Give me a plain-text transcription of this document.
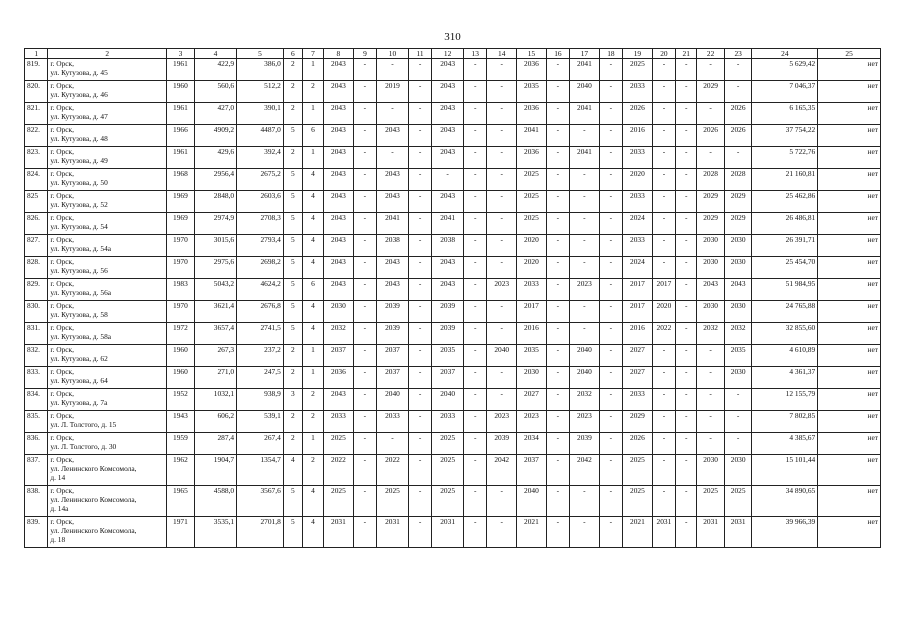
310
1	2	3	4	5	6	7	8	9	10	11	12	13	14	15	16	17	18	19	20	21	22	23	24	25
819.	г. Орск,
ул. Кутузова, д. 45	1961	422,9	386,0	2	1	2043	-	-	-	2043	-	-	2036	-	2041	-	2025	-	-	-	-	5 629,42	нет
820.	г. Орск,
ул. Кутузова, д. 46	1960	560,6	512,2	2	2	2043	-	2019	-	2043	-	-	2035	-	2040	-	2033	-	-	2029	-	7 046,37	нет
821.	г. Орск,
ул. Кутузова, д. 47	1961	427,0	390,1	2	1	2043	-	-	-	2043	-	-	2036	-	2041	-	2026	-	-	-	2026	6 165,35	нет
822.	г. Орск,
ул. Кутузова, д. 48	1966	4909,2	4487,0	5	6	2043	-	2043	-	2043	-	-	2041	-	-	-	2016	-	-	2026	2026	37 754,22	нет
823.	г. Орск,
ул. Кутузова, д. 49	1961	429,6	392,4	2	1	2043	-	-	-	2043	-	-	2036	-	2041	-	2033	-	-	-	-	5 722,76	нет
824.	г. Орск,
ул. Кутузова, д. 50	1968	2956,4	2675,2	5	4	2043	-	2043	-	-	-	-	2025	-	-	-	2020	-	-	2028	2028	21 160,81	нет
825	г. Орск,
ул. Кутузова, д. 52	1969	2848,0	2603,6	5	4	2043	-	2043	-	2043	-	-	2025	-	-	-	2033	-	-	2029	2029	25 462,86	нет
826.	г. Орск,
ул. Кутузова, д. 54	1969	2974,9	2708,3	5	4	2043	-	2041	-	2041	-	-	2025	-	-	-	2024	-	-	2029	2029	26 486,81	нет
827.	г. Орск,
ул. Кутузова, д. 54а	1970	3015,6	2793,4	5	4	2043	-	2038	-	2038	-	-	2020	-	-	-	2033	-	-	2030	2030	26 391,71	нет
828.	г. Орск,
ул. Кутузова, д. 56	1970	2975,6	2698,2	5	4	2043	-	2043	-	2043	-	-	2020	-	-	-	2024	-	-	2030	2030	25 454,70	нет
829.	г. Орск,
ул. Кутузова, д. 56а	1983	5043,2	4624,2	5	6	2043	-	2043	-	2043	-	2023	2033	-	2023	-	2017	2017	-	2043	2043	51 984,95	нет
830.	г. Орск,
ул. Кутузова, д. 58	1970	3621,4	2676,8	5	4	2030	-	2039	-	2039	-	-	2017	-	-	-	2017	2020	-	2030	2030	24 765,88	нет
831.	г. Орск,
ул. Кутузова, д. 58а	1972	3657,4	2741,5	5	4	2032	-	2039	-	2039	-	-	2016	-	-	-	2016	2022	-	2032	2032	32 855,60	нет
832.	г. Орск,
ул. Кутузова, д. 62	1960	267,3	237,2	2	1	2037	-	2037	-	2035	-	2040	2035	-	2040	-	2027	-	-	-	2035	4 610,89	нет
833.	г. Орск,
ул. Кутузова, д. 64	1960	271,0	247,5	2	1	2036	-	2037	-	2037	-	-	2030	-	2040	-	2027	-	-	-	2030	4 361,37	нет
834.	г. Орск,
ул. Кутузова, д. 7а	1952	1032,1	938,9	3	2	2043	-	2040	-	2040	-	-	2027	-	2032	-	2033	-	-	-	-	12 155,79	нет
835.	г. Орск,
ул. Л. Толстого, д. 15	1943	606,2	539,1	2	2	2033	-	2033	-	2033	-	2023	2023	-	2023	-	2029	-	-	-	-	7 802,85	нет
836.	г. Орск,
ул. Л. Толстого, д. 30	1959	287,4	267,4	2	1	2025	-	-	-	2025	-	2039	2034	-	2039	-	2026	-	-	-	-	4 385,67	нет
837.	г. Орск,
ул. Ленинского Комсомола,
д. 14	1962	1904,7	1354,7	4	2	2022	-	2022	-	2025	-	2042	2037	-	2042	-	2025	-	-	2030	2030	15 101,44	нет
838.	г. Орск,
ул. Ленинского Комсомола,
д. 14а	1965	4588,0	3567,6	5	4	2025	-	2025	-	2025	-	-	2040	-	-	-	2025	-	-	2025	2025	34 890,65	нет
839.	г. Орск,
ул. Ленинского Комсомола,
д. 18	1971	3535,1	2701,8	5	4	2031	-	2031	-	2031	-	-	2021	-	-	-	2021	2031	-	2031	2031	39 966,39	нет
